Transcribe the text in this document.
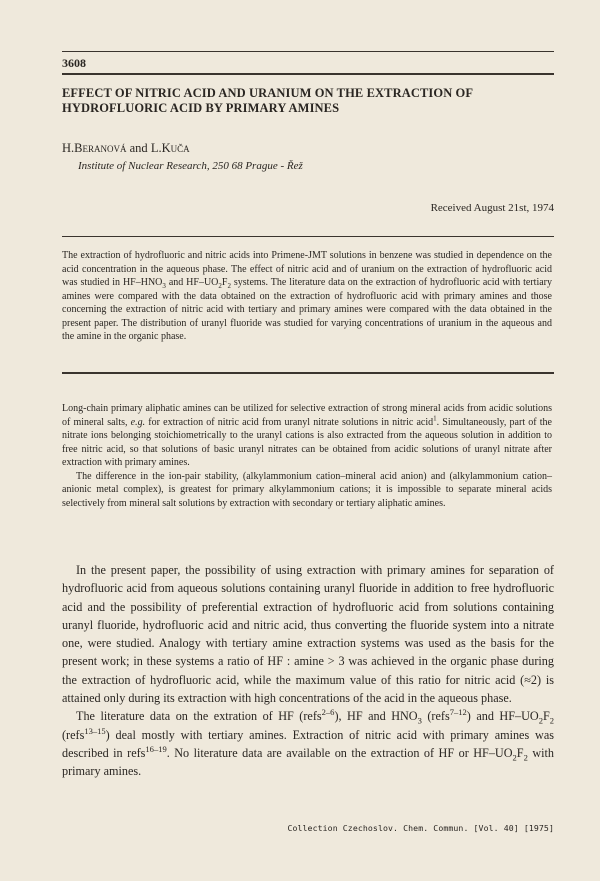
3608
EFFECT OF NITRIC ACID AND URANIUM ON THE EXTRACTION OF HYDROFLUORIC ACID BY PRIMARY AMINES
H.Beranová and L.Kuča
Institute of Nuclear Research, 250 68 Prague - Řež
Received August 21st, 1974
The extraction of hydrofluoric and nitric acids into Primene-JMT solutions in benzene was studied in dependence on the acid concentration in the aqueous phase. The effect of nitric acid and of uranium on the extraction of hydrofluoric acid was studied in $HF-HNO_3$ and $HF-UO_2F_2$ systems. The literature data on the extraction of hydrofluoric acid with tertiary amines were compared with the data obtained on the extraction of hydrofluoric acid with primary amines and those concerning the extraction of nitric acid with tertiary and primary amines were compared with the data obtained in the present paper. The distribution of uranyl fluoride was studied for varying concentrations of uranium in the aqueous and the amine in the organic phase.

Long-chain primary aliphatic amines can be utilized for selective extraction of strong mineral acids from acidic solutions of mineral salts, e.g. for extraction of nitric acid from uranyl nitrate solutions in nitric acid$^1$. Simultaneously, part of the nitrate ions belonging stoichiometrically to the uranyl cations is also extracted from the aqueous solution in addition to free nitric acid, so that solutions of basic uranyl nitrates can be obtained from acidic solutions of uranyl nitrate after extraction with primary amines.

The difference in the ion-pair stability, (alkylammonium cation–mineral acid anion) and (alkylammonium cation–anionic metal complex), is greatest for primary alkylammonium cations; it is impossible to separate mineral acids selectively from mineral salt solutions by extraction with secondary or tertiary aliphatic amines.

In the present paper, the possibility of using extraction with primary amines for separation of hydrofluoric acid from aqueous solutions containing uranyl fluoride in addition to free hydrofluoric acid and the possibility of preferential extraction of hydrofluoric acid from solutions containing uranyl fluoride, hydrofluoric acid and nitric acid, thus converting the fluoride system into a nitrate one, were studied. Analogy with tertiary amine extraction systems was used as the basis for the present work; in these systems a ratio of HF : amine > 3 was achieved in the organic phase during the extraction of hydrofluoric acid, while the maximum value of this ratio for nitric acid (≈2) is attained only during its extraction with high concentrations of the acid in the aqueous phase.

The literature data on the extration of HF (refs$^{2-6}$), HF and $HNO_3$ (refs$^{7-12}$) and $HF-UO_2F_2$ (refs$^{13-15}$) deal mostly with tertiary amines. Extraction of nitric acid with primary amines was described in refs$^{16-19}$. No literature data are available on the extraction of HF or $HF-UO_2F_2$ with primary amines.

Collection Czechoslov. Chem. Commun. [Vol. 40] [1975]
